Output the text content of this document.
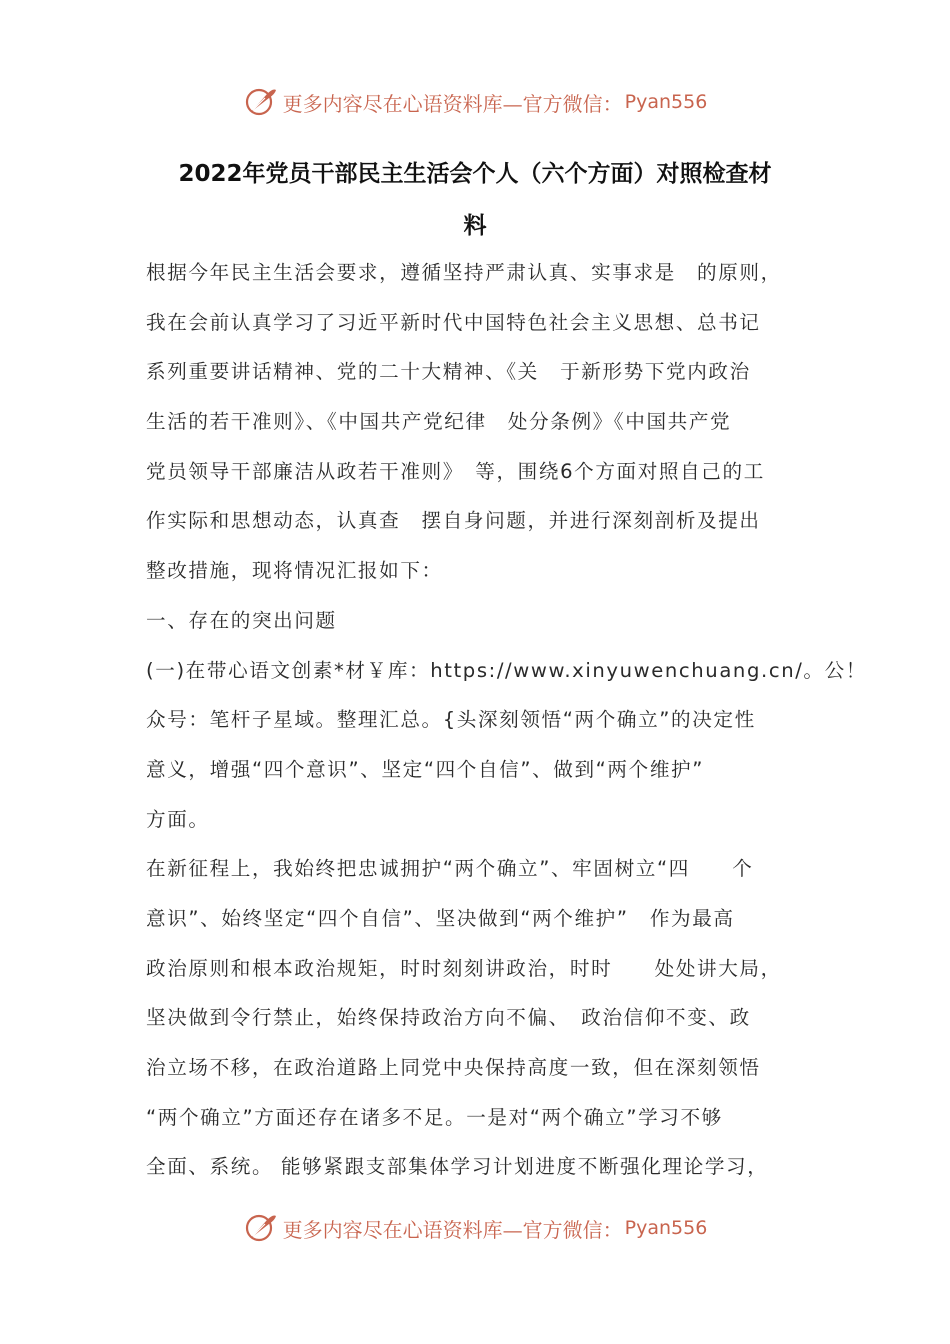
更多内容尽在心语资料库—官方微信： Pyan556
2022年党员干部民主生活会个人（六个方面）对照检查材
料
根据今年民主生活会要求，遵循坚持严肃认真、实事求是　的原则，
我在会前认真学习了习近平新时代中国特色社会主义思想、总书记
系列重要讲话精神、党的二十大精神、《关　于新形势下党内政治
生活的若干准则》、《中国共产党纪律　处分条例》《中国共产党
党员领导干部廉洁从政若干准则》　等，围绕6个方面对照自己的工
作实际和思想动态，认真查　摆自身问题，并进行深刻剖析及提出
整改措施，现将情况汇报如下：
一、存在的突出问题
(一)在带心语文创素*材￥库：https://www.xinyuwenchuang.cn/。公！
众号：笔杆子星域。整理汇总。{头深刻领悟“两个确立”的决定性
意义，增强“四个意识”、坚定“四个自信”、做到“两个维护”
方面。
在新征程上，我始终把忠诚拥护“两个确立”、牢固树立“四　　个
意识”、始终坚定“四个自信”、坚决做到“两个维护”　作为最高
政治原则和根本政治规矩，时时刻刻讲政治，时时　　处处讲大局，
坚决做到令行禁止，始终保持政治方向不偏、　政治信仰不变、政
治立场不移，在政治道路上同党中央保持高度一致，但在深刻领悟
“两个确立”方面还存在诸多不足。一是对“两个确立”学习不够
全面、系统。 能够紧跟支部集体学习计划进度不断强化理论学习，
更多内容尽在心语资料库—官方微信： Pyan556
